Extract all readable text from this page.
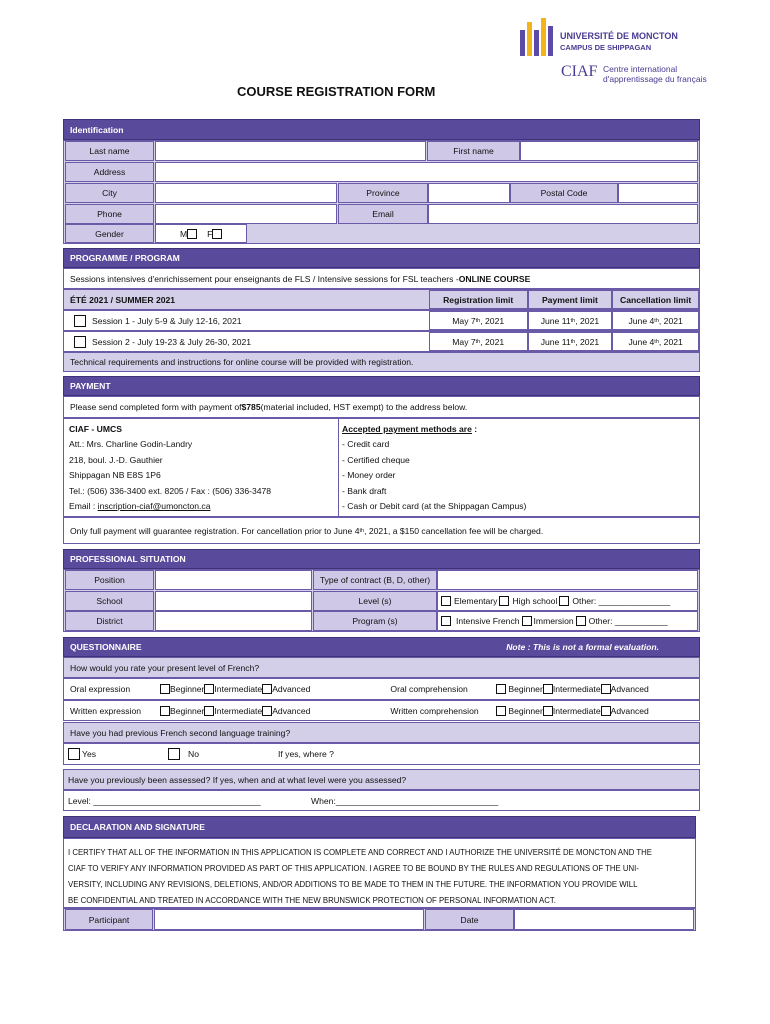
UNIVERSITÉ DE MONCTON
CAMPUS DE SHIPPAGAN
CIAF Centre international
d'apprentissage du français
COURSE REGISTRATION FORM
Identification
Last name	First name
Address
City	Province	Postal Code
Phone	Email
Gender	M F
PROGRAMME / PROGRAM
Sessions intensives d'enrichissement pour enseignants de FLS / Intensive sessions for FSL teachers - ONLINE COURSE
ÉTÉ 2021 / SUMMER 2021	Registration limit	Payment limit	Cancellation limit
Session 1 - July 5-9 & July 12-16, 2021	May 7 th , 2021	June 11 th , 2021	June 4 th , 2021
Session 2 - July 19-23 & July 26-30, 2021	May 7 th , 2021	June 11 th , 2021	June 4 th , 2021
Technical requirements and instructions for online course will be provided with registration.
PAYMENT
Please send completed form with payment of $785 (material included, HST exempt) to the address below.
CIAF - UMCS
Att.: Mrs. Charline Godin-Landry
218, boul. J.-D. Gauthier
Shippagan NB E8S 1P6
Tel.: (506) 336-3400 ext. 8205 / Fax : (506) 336-3478
Email : inscription-ciaf@umoncton.ca
Accepted payment methods are :
- Credit card
- Certified cheque
- Money order
- Bank draft
- Cash or Debit card (at the Shippagan Campus)
Only full payment will guarantee registration. For cancellation prior to June 4 th , 2021, a $150 cancellation fee will be charged.
PROFESSIONAL SITUATION
Position	Type of contract (B, D, other)
School	Level (s)	Elementary High school Other: _______________
District	Program (s)	Intensive French Immersion Other: ___________
QUESTIONNAIRE	Note : This is not a formal evaluation.
How would you rate your present level of French?
Oral expression	Beginner Intermediate Advanced	Oral comprehension	Beginner Intermediate Advanced
Written expression	Beginner Intermediate Advanced	Written comprehension	Beginner Intermediate Advanced
Have you had previous French second language training?
Yes	No	If yes, where ?
Have you previously been assessed? If yes, when and at what level were you assessed?
Level: ___________________________________	When:__________________________________
DECLARATION AND SIGNATURE
I CERTIFY THAT ALL OF THE INFORMATION IN THIS APPLICATION IS COMPLETE AND CORRECT AND I AUTHORIZE THE UNIVERSITÉ DE MONCTON AND THE
CIAF TO VERIFY ANY INFORMATION PROVIDED AS PART OF THIS APPLICATION. I AGREE TO BE BOUND BY THE RULES AND REGULATIONS OF THE UNI-
VERSITY, INCLUDING ANY REVISIONS, DELETIONS, AND/OR ADDITIONS TO BE MADE TO THEM IN THE FUTURE. THE INFORMATION YOU PROVIDE WILL
BE CONFIDENTIAL AND TREATED IN ACCORDANCE WITH THE NEW BRUNSWICK PROTECTION OF PERSONAL INFORMATION ACT.
Participant	Date
